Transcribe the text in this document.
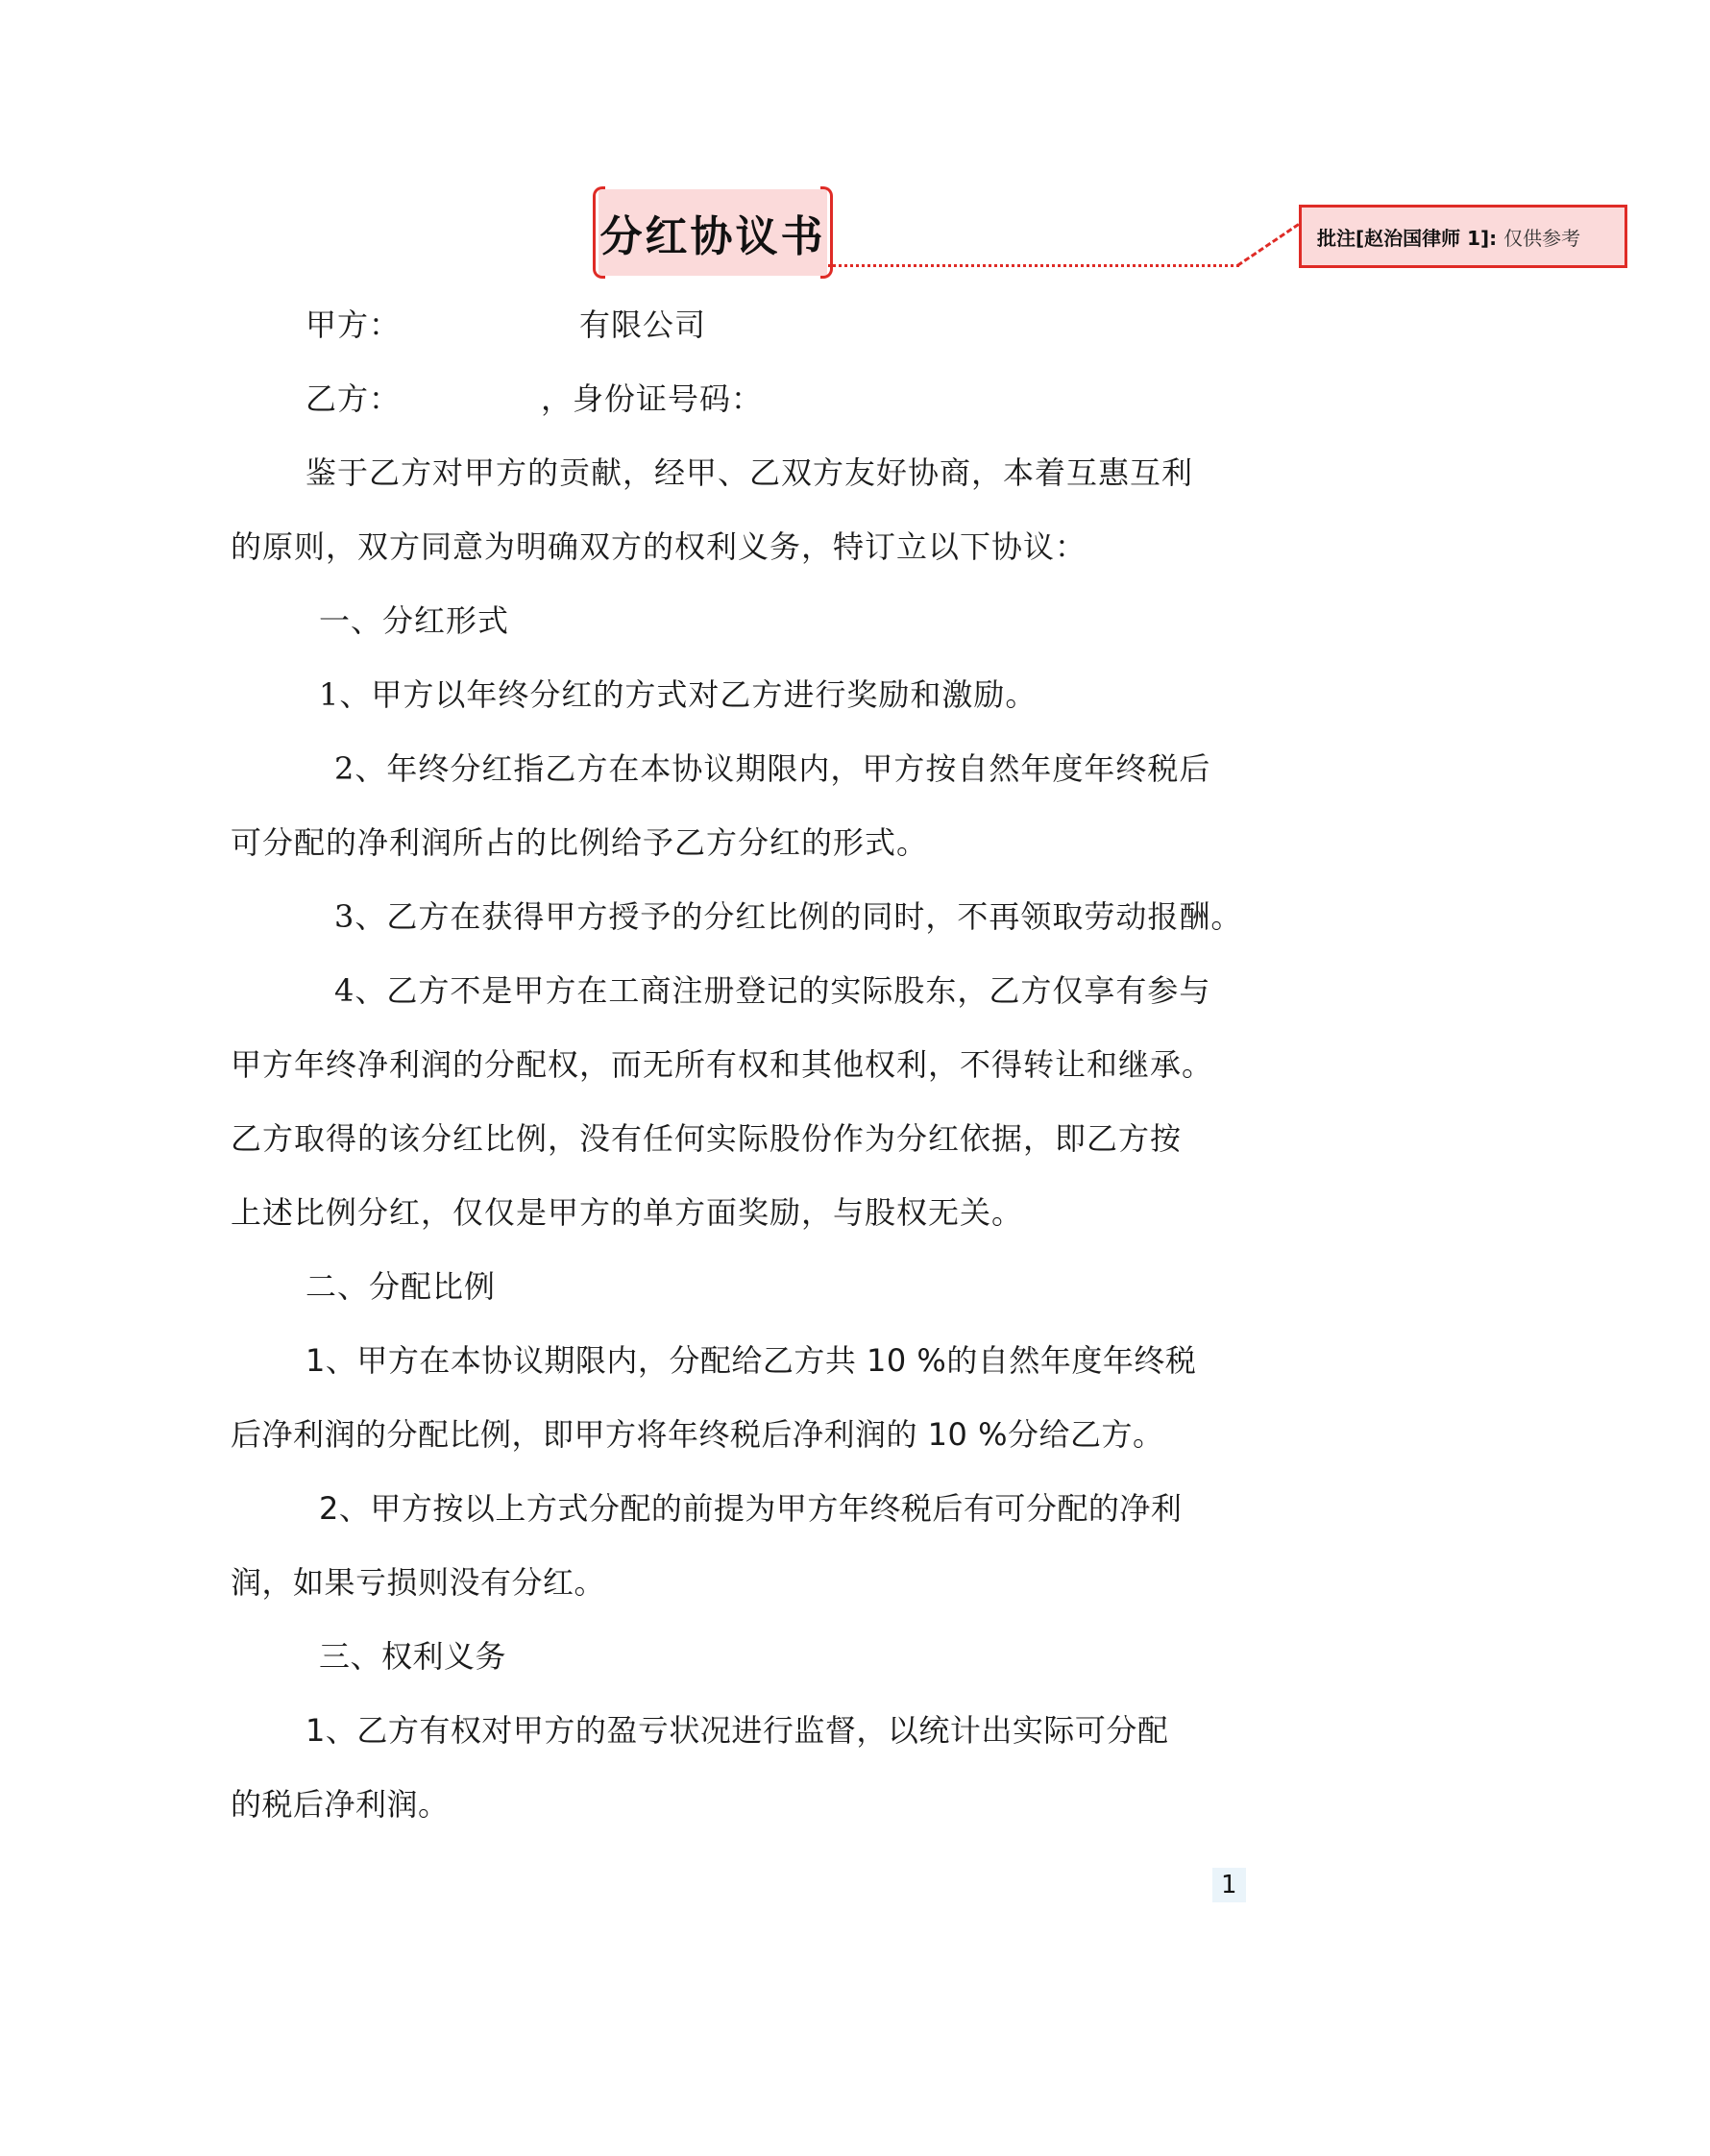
分红协议书	批注[赵治国律师 1]: 仅供参考
甲方：	有限公司
乙方：	，身份证号码：
鉴于乙方对甲方的贡献，经甲、乙双方友好协商，本着互惠互利
的原则，双方同意为明确双方的权利义务，特订立以下协议：
一、分红形式
1、甲方以年终分红的方式对乙方进行奖励和激励。
2、年终分红指乙方在本协议期限内，甲方按自然年度年终税后
可分配的净利润所占的比例给予乙方分红的形式。
3、乙方在获得甲方授予的分红比例的同时，不再领取劳动报酬。
4、乙方不是甲方在工商注册登记的实际股东，乙方仅享有参与
甲方年终净利润的分配权，而无所有权和其他权利，不得转让和继承。
乙方取得的该分红比例，没有任何实际股份作为分红依据，即乙方按
上述比例分红，仅仅是甲方的单方面奖励，与股权无关。
二、分配比例
1、甲方在本协议期限内，分配给乙方共 10 %的自然年度年终税
后净利润的分配比例，即甲方将年终税后净利润的 10 %分给乙方。
2、甲方按以上方式分配的前提为甲方年终税后有可分配的净利
润，如果亏损则没有分红。
三、权利义务
1、乙方有权对甲方的盈亏状况进行监督，以统计出实际可分配
的税后净利润。
1
